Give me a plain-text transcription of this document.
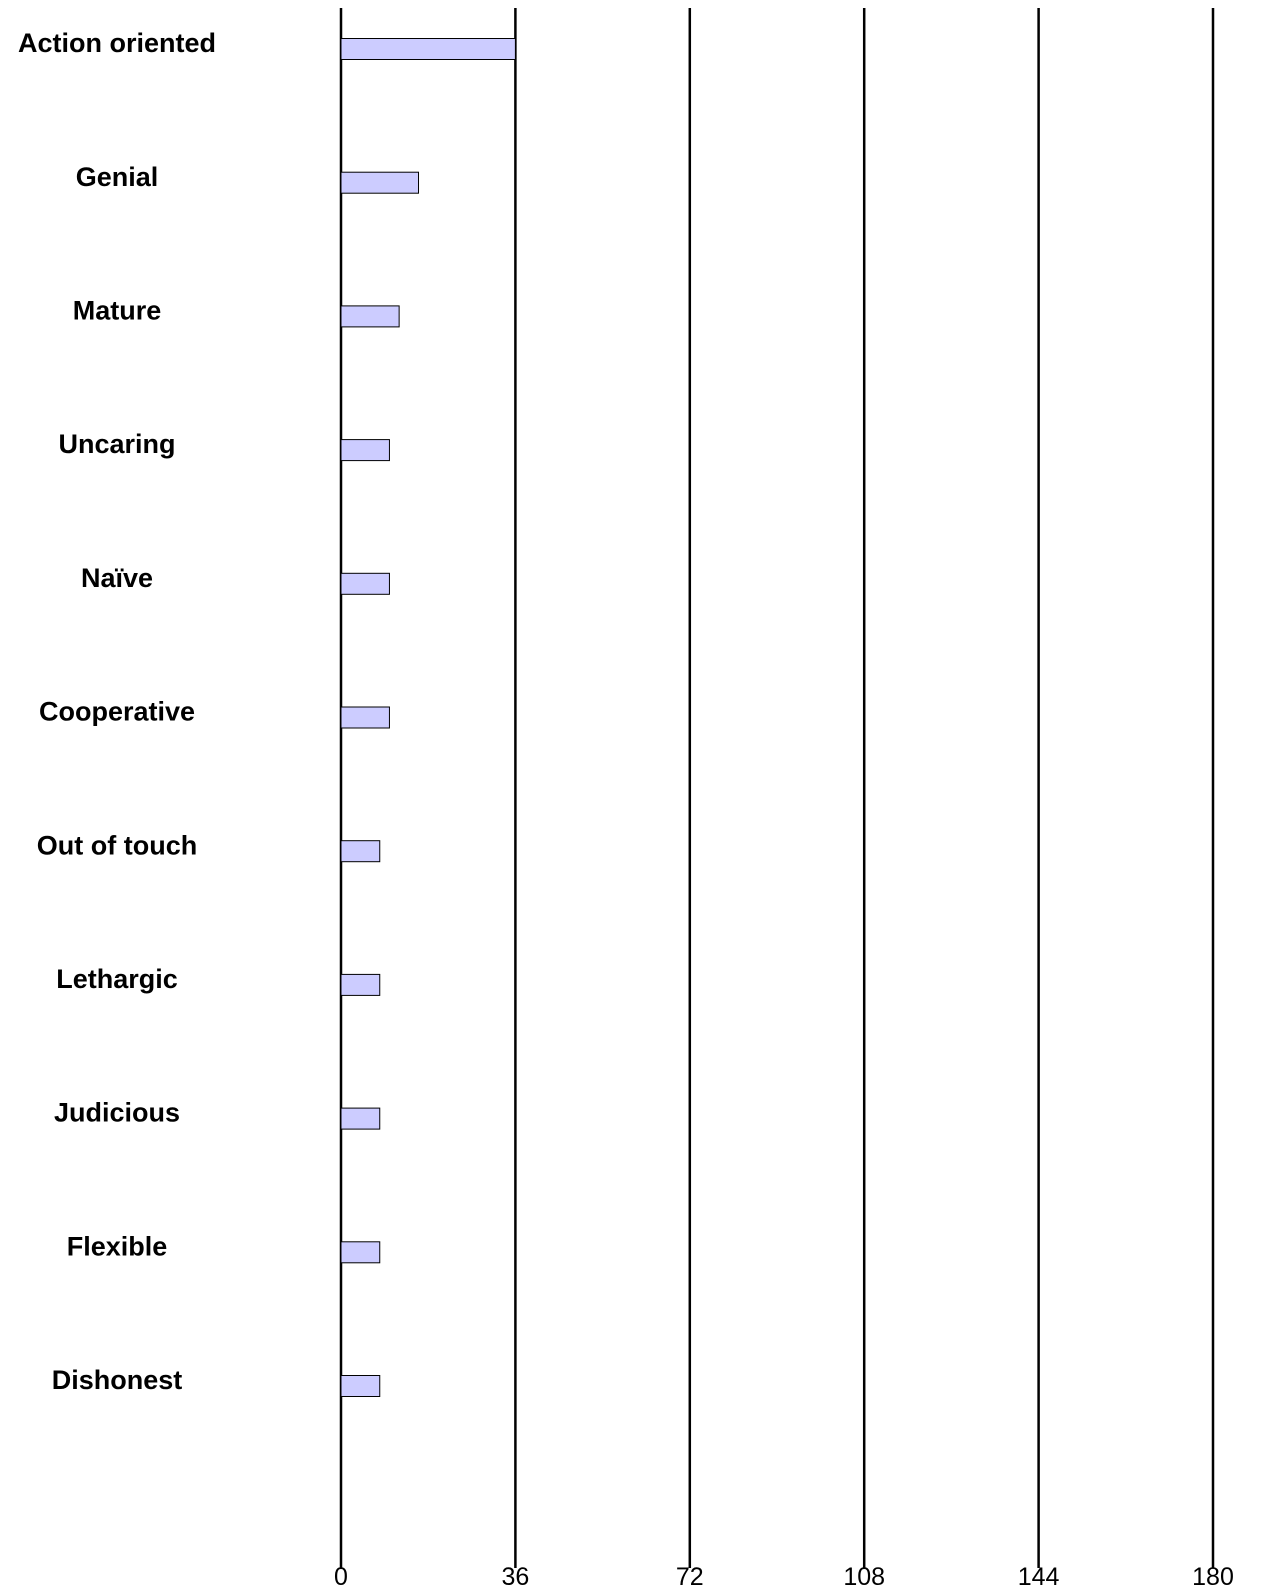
Action oriented
Genial
Mature
Uncaring
Naïve
Cooperative
Out of touch
Lethargic
Judicious
Flexible
Dishonest
0	36	72	108	144	180
